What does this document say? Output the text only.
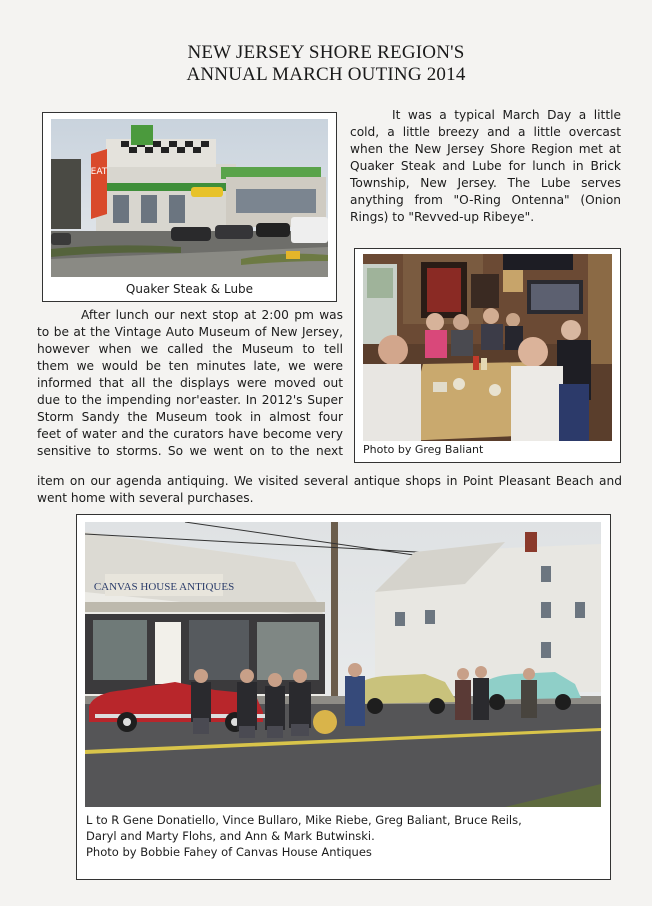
NEW JERSEY SHORE REGION'S
ANNUAL MARCH OUTING 2014
EAT
Quaker Steak & Lube
It was a typical March Day a little
cold, a little breezy and a little overcast
when the New Jersey Shore Region met at
Quaker Steak and Lube for lunch in Brick
Township, New Jersey. The Lube serves
anything from "O-Ring Ontenna" (Onion
Rings) to "Revved-up Ribeye".
Photo by Greg Baliant
After lunch our next stop at 2:00 pm was
to be at the Vintage Auto Museum of New Jersey,
however when we called the Museum to tell
them we would be ten minutes late, we were
informed that all the displays were moved out
due to the impending nor'easter. In 2012's Super
Storm Sandy the Museum took in almost four
feet of water and the curators have become very
sensitive to storms. So we went on to the next
item on our agenda antiquing. We visited several antique shops in Point Pleasant Beach and
went home with several purchases.
CANVAS HOUSE ANTIQUES
L to R Gene Donatiello, Vince Bullaro, Mike Riebe, Greg Baliant, Bruce Reils,
Daryl and Marty Flohs, and Ann & Mark Butwinski.
Photo by Bobbie Fahey of Canvas House Antiques
